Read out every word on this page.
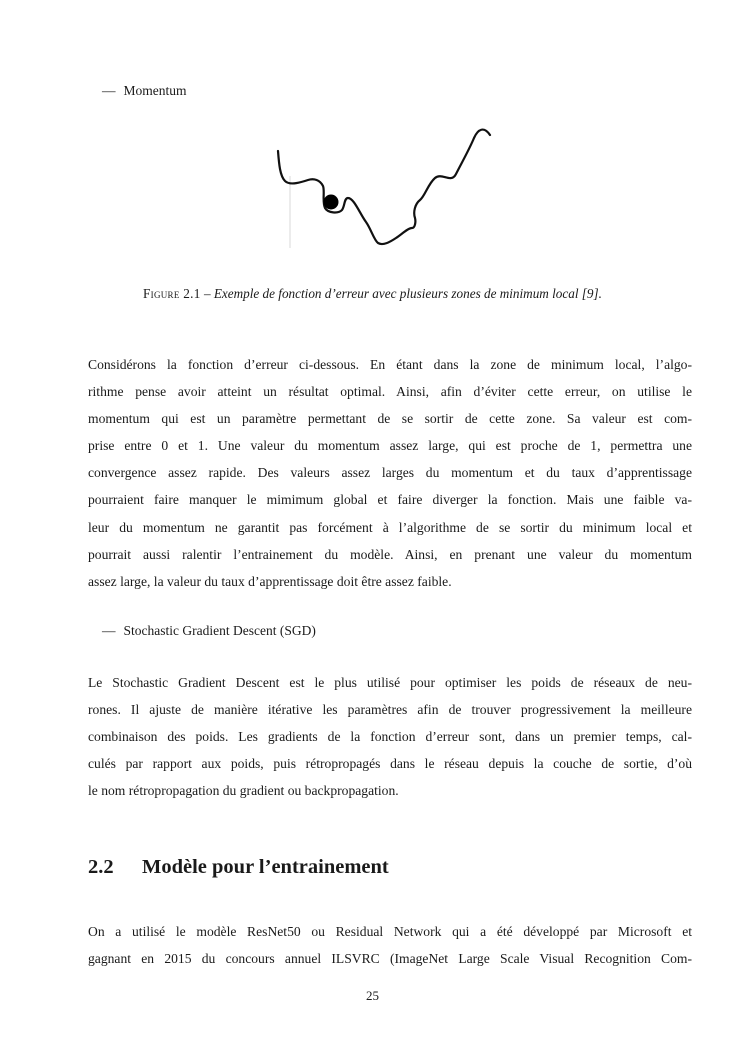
— Momentum
Figure 2.1 – Exemple de fonction d’erreur avec plusieurs zones de minimum local [9].
Considérons la fonction d’erreur ci-dessous. En étant dans la zone de minimum local, l’algo-
rithme pense avoir atteint un résultat optimal. Ainsi, afin d’éviter cette erreur, on utilise le
momentum qui est un paramètre permettant de se sortir de cette zone. Sa valeur est com-
prise entre 0 et 1. Une valeur du momentum assez large, qui est proche de 1, permettra une
convergence assez rapide. Des valeurs assez larges du momentum et du taux d’apprentissage
pourraient faire manquer le mimimum global et faire diverger la fonction. Mais une faible va-
leur du momentum ne garantit pas forcément à l’algorithme de se sortir du minimum local et
pourrait aussi ralentir l’entrainement du modèle. Ainsi, en prenant une valeur du momentum
assez large, la valeur du taux d’apprentissage doit être assez faible.
— Stochastic Gradient Descent (SGD)
Le Stochastic Gradient Descent est le plus utilisé pour optimiser les poids de réseaux de neu-
rones. Il ajuste de manière itérative les paramètres afin de trouver progressivement la meilleure
combinaison des poids. Les gradients de la fonction d’erreur sont, dans un premier temps, cal-
culés par rapport aux poids, puis rétropropagés dans le réseau depuis la couche de sortie, d’où
le nom rétropropagation du gradient ou backpropagation.
2.2 Modèle pour l’entrainement
On a utilisé le modèle ResNet50 ou Residual Network qui a été développé par Microsoft et
gagnant en 2015 du concours annuel ILSVRC (ImageNet Large Scale Visual Recognition Com-
25
